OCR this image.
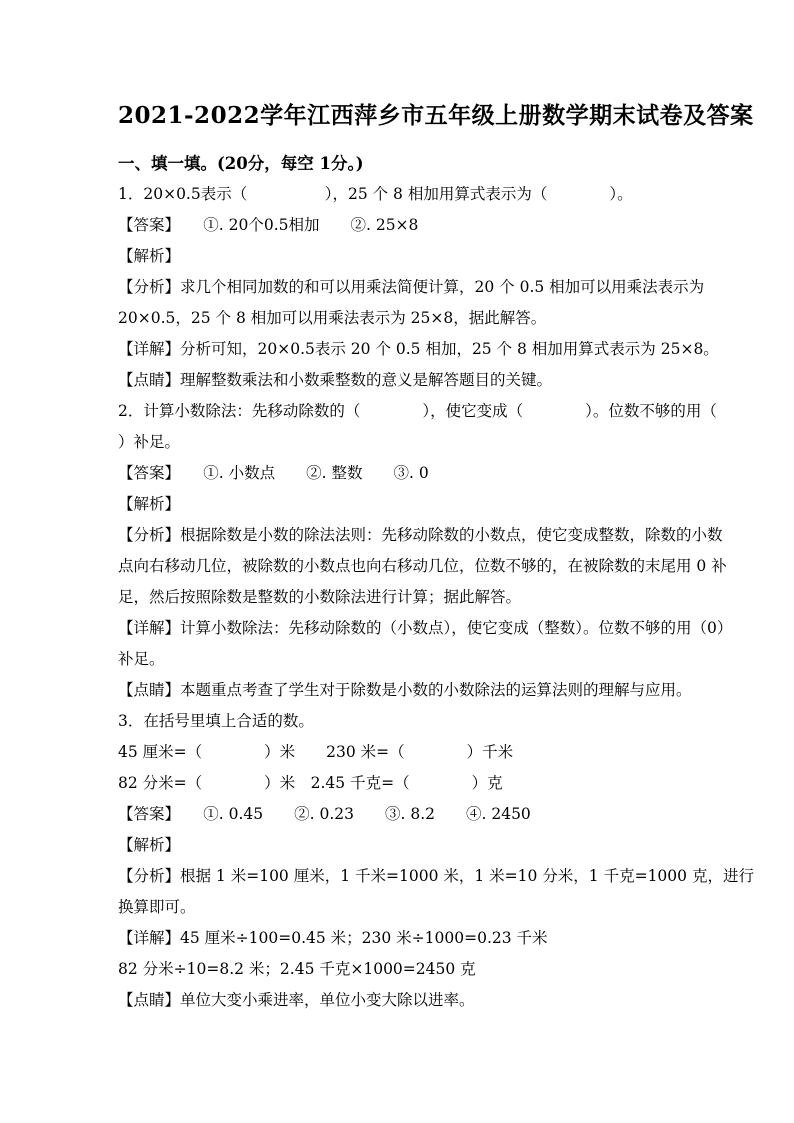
2021-2022学年江西萍乡市五年级上册数学期末试卷及答案

一、填一填。(20分，每空 1分。)

1．20×0.5表示（　　　　　），25 个 8 相加用算式表示为（　　　　）。

【答案】　　①. 20个0.5相加　　②. 25×8

【解析】

【分析】求几个相同加数的和可以用乘法简便计算，20 个 0.5 相加可以用乘法表示为

20×0.5，25 个 8 相加可以用乘法表示为 25×8，据此解答。

【详解】分析可知，20×0.5表示 20 个 0.5 相加，25 个 8 相加用算式表示为 25×8。

【点睛】理解整数乘法和小数乘整数的意义是解答题目的关键。

2．计算小数除法：先移动除数的（　　　　），使它变成（　　　　）。位数不够的用（

）补足。

【答案】　　①. 小数点　　②. 整数　　③. 0

【解析】

【分析】根据除数是小数的除法法则：先移动除数的小数点，使它变成整数，除数的小数

点向右移动几位，被除数的小数点也向右移动几位，位数不够的，在被除数的末尾用 0 补

足，然后按照除数是整数的小数除法进行计算；据此解答。

【详解】计算小数除法：先移动除数的（小数点），使它变成（整数）。位数不够的用（0）

补足。

【点睛】本题重点考查了学生对于除数是小数的小数除法的运算法则的理解与应用。

3．在括号里填上合适的数。

45 厘米=（　　　　）米　　230 米=（　　　　）千米

82 分米=（　　　　）米　2.45 千克=（　　　　）克

【答案】　　①. 0.45　　②. 0.23　　③. 8.2　　④. 2450

【解析】

【分析】根据 1 米=100 厘米，1 千米=1000 米，1 米=10 分米，1 千克=1000 克，进行

换算即可。

【详解】45 厘米÷100=0.45 米；230 米÷1000=0.23 千米

82 分米÷10=8.2 米；2.45 千克×1000=2450 克

【点睛】单位大变小乘进率，单位小变大除以进率。
